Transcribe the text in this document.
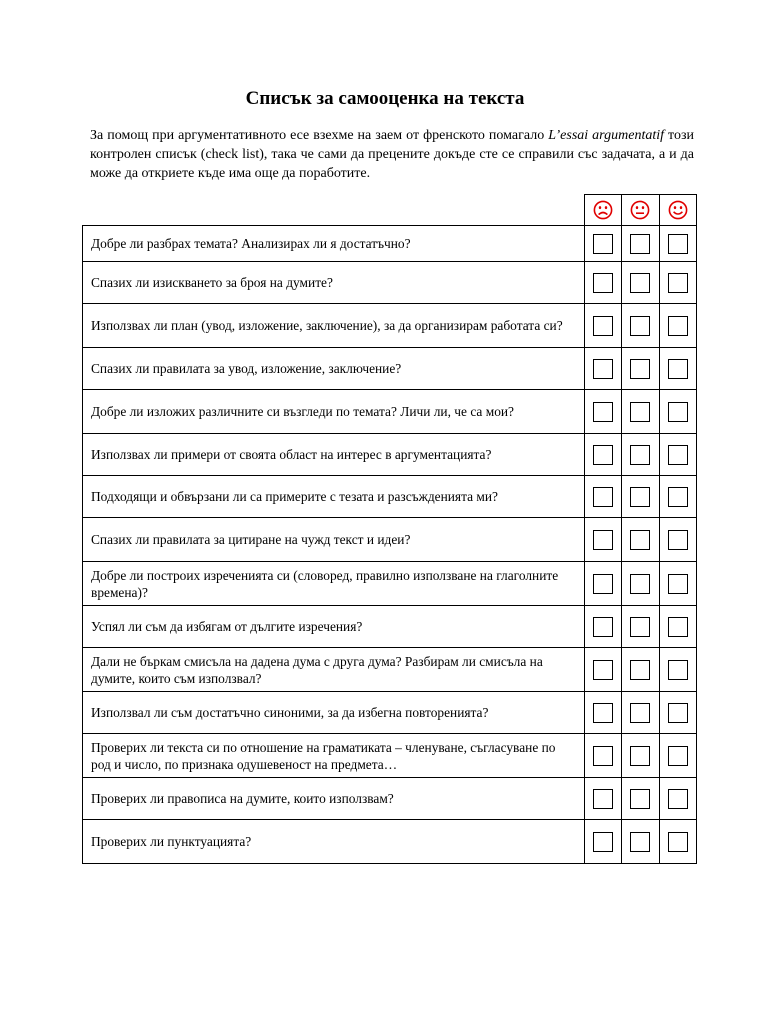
Списък за самооценка на текста

За помощ при аргументативното есе взехме на заем от френското помагало L’essai argumentatif този контролен списък (check list), така че сами да прецените докъде сте се справили със задачата, а и да може да откриете къде има още да поработите.

Добре ли разбрах темата? Анализирах ли я достатъчно?			
Спазих ли изискването за броя на думите?			
Използвах ли план (увод, изложение, заключение), за да организирам работата си?			
Спазих ли правилата за увод, изложение, заключение?			
Добре ли изложих различните си възгледи по темата? Личи ли, че са мои?			
Използвах ли примери от своята област на интерес в аргументацията?			
Подходящи и обвързани ли са примерите с тезата и разсъжденията ми?			
Спазих ли правилата за цитиране на чужд текст и идеи?			
Добре ли построих изреченията си (словоред, правилно използване на глаголните времена)?			
Успял ли съм да избягам от дългите изречения?			
Дали не бъркам смисъла на дадена дума с друга дума? Разбирам ли смисъла на думите, които съм използвал?			
Използвал ли съм достатъчно синоними, за да избегна повторенията?			
Проверих ли текста си по отношение на граматиката – членуване, съгласуване по род и число, по признака одушевеност на предмета…			
Проверих ли правописа на думите, които използвам?			
Проверих ли пунктуацията?			
